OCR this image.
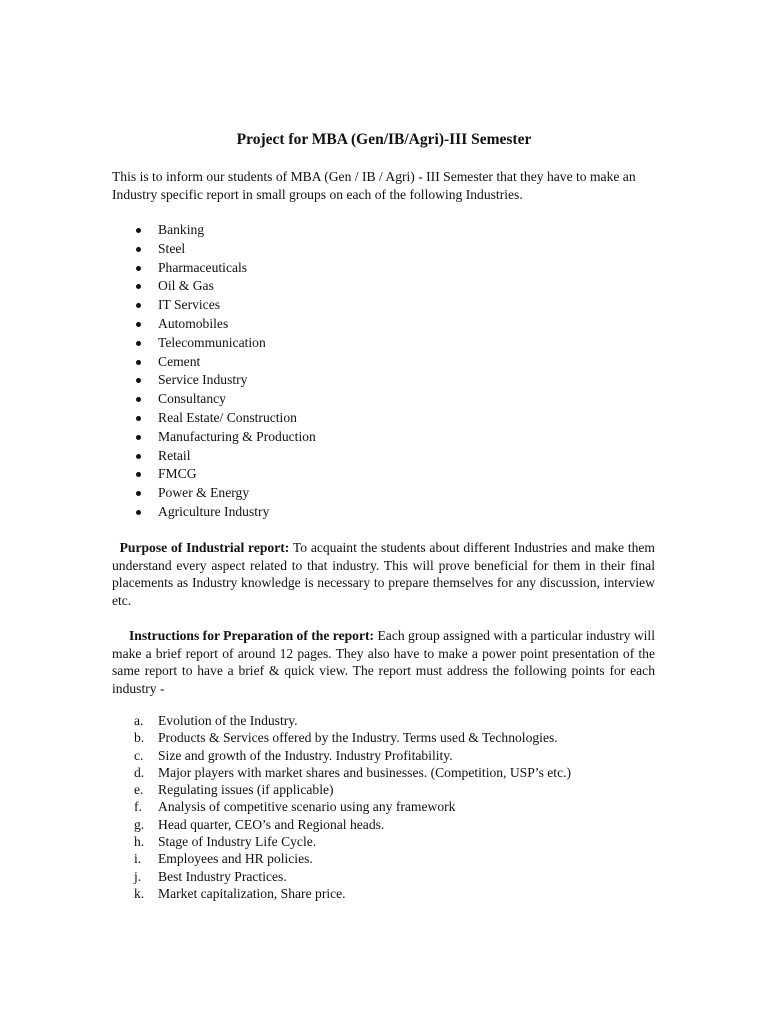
Project for MBA (Gen/IB/Agri)-III Semester

This is to inform our students of MBA (Gen / IB / Agri) - III Semester that they have to make an Industry specific report in small groups on each of the following Industries.

Banking
Steel
Pharmaceuticals
Oil & Gas
IT Services
Automobiles
Telecommunication
Cement
Service Industry
Consultancy
Real Estate/ Construction
Manufacturing & Production
Retail
FMCG
Power & Energy
Agriculture Industry

Purpose of Industrial report: To acquaint the students about different Industries and make them understand every aspect related to that industry. This will prove beneficial for them in their final placements as Industry knowledge is necessary to prepare themselves for any discussion, interview etc.

Instructions for Preparation of the report: Each group assigned with a particular industry will make a brief report of around 12 pages. They also have to make a power point presentation of the same report to have a brief & quick view. The report must address the following points for each industry -

a. Evolution of the Industry.
b. Products & Services offered by the Industry. Terms used & Technologies.
c. Size and growth of the Industry. Industry Profitability.
d. Major players with market shares and businesses. (Competition, USP’s etc.)
e. Regulating issues (if applicable)
f. Analysis of competitive scenario using any framework
g. Head quarter, CEO’s and Regional heads.
h. Stage of Industry Life Cycle.
i. Employees and HR policies.
j. Best Industry Practices.
k. Market capitalization, Share price.
